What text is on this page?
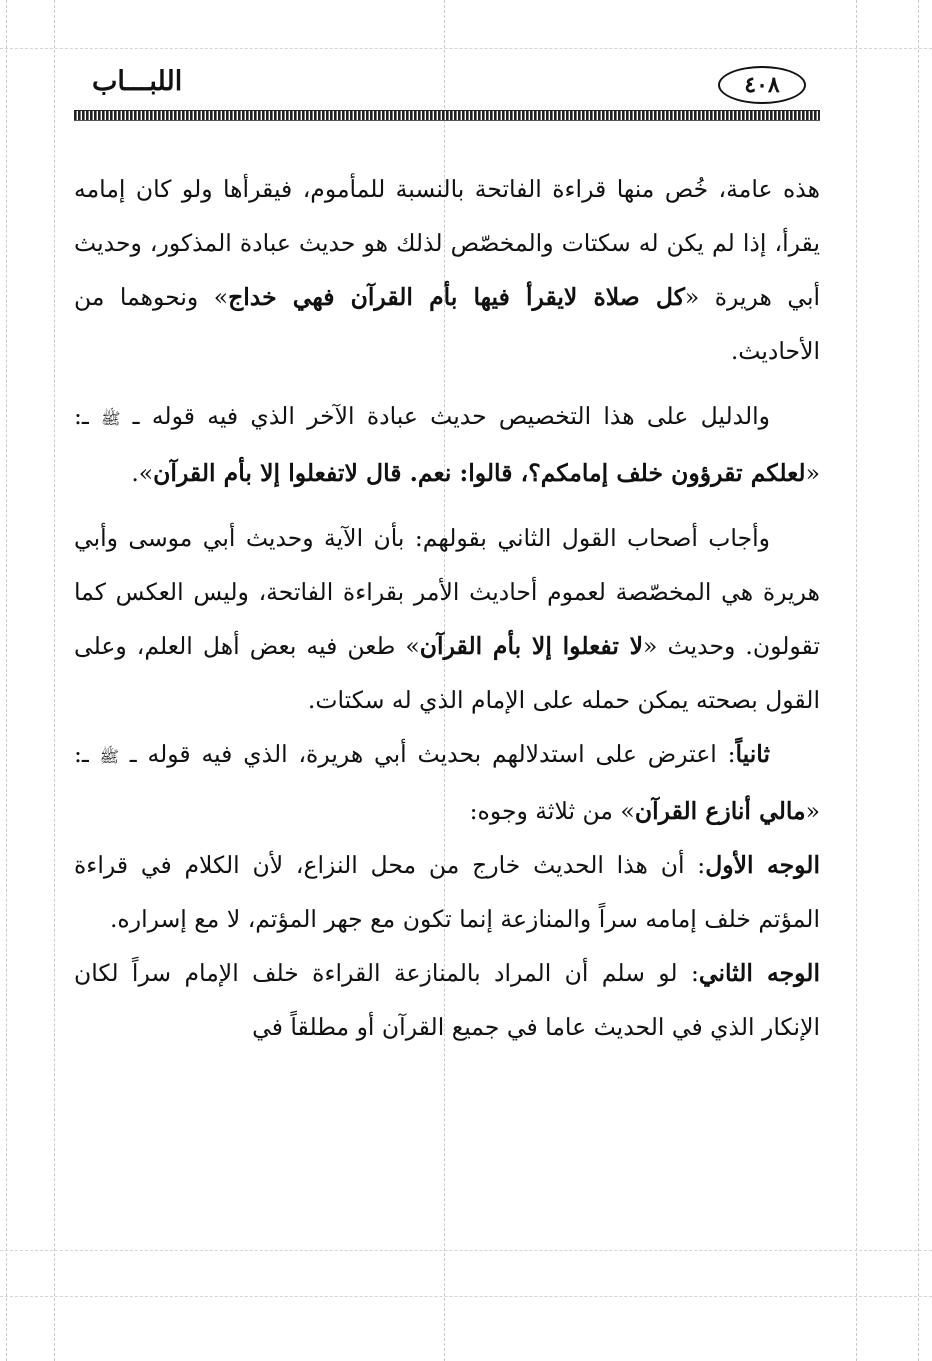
اللبـــاب	٤٠٨

هذه عامة، خُص منها قراءة الفاتحة بالنسبة للمأموم، فيقرأها ولو كان إمامه يقرأ، إذا لم يكن له سكتات والمخصّص لذلك هو حديث عبادة المذكور، وحديث أبي هريرة «كل صلاة لايقرأ فيها بأم القرآن فهي خداج» ونحوهما من الأحاديث.

والدليل على هذا التخصيص حديث عبادة الآخر الذي فيه قوله ـ ﷺ ـ: «لعلكم تقرؤون خلف إمامكم؟، قالوا: نعم. قال لاتفعلوا إلا بأم القرآن».

وأجاب أصحاب القول الثاني بقولهم: بأن الآية وحديث أبي موسى وأبي هريرة هي المخصّصة لعموم أحاديث الأمر بقراءة الفاتحة، وليس العكس كما تقولون. وحديث «لا تفعلوا إلا بأم القرآن» طعن فيه بعض أهل العلم، وعلى القول بصحته يمكن حمله على الإمام الذي له سكتات.

ثانياً: اعترض على استدلالهم بحديث أبي هريرة، الذي فيه قوله ـ ﷺ ـ: «مالي أنازع القرآن» من ثلاثة وجوه:

الوجه الأول: أن هذا الحديث خارج من محل النزاع، لأن الكلام في قراءة المؤتم خلف إمامه سراً والمنازعة إنما تكون مع جهر المؤتم، لا مع إسراره.

الوجه الثاني: لو سلم أن المراد بالمنازعة القراءة خلف الإمام سراً لكان الإنكار الذي في الحديث عاما في جميع القرآن أو مطلقاً في
